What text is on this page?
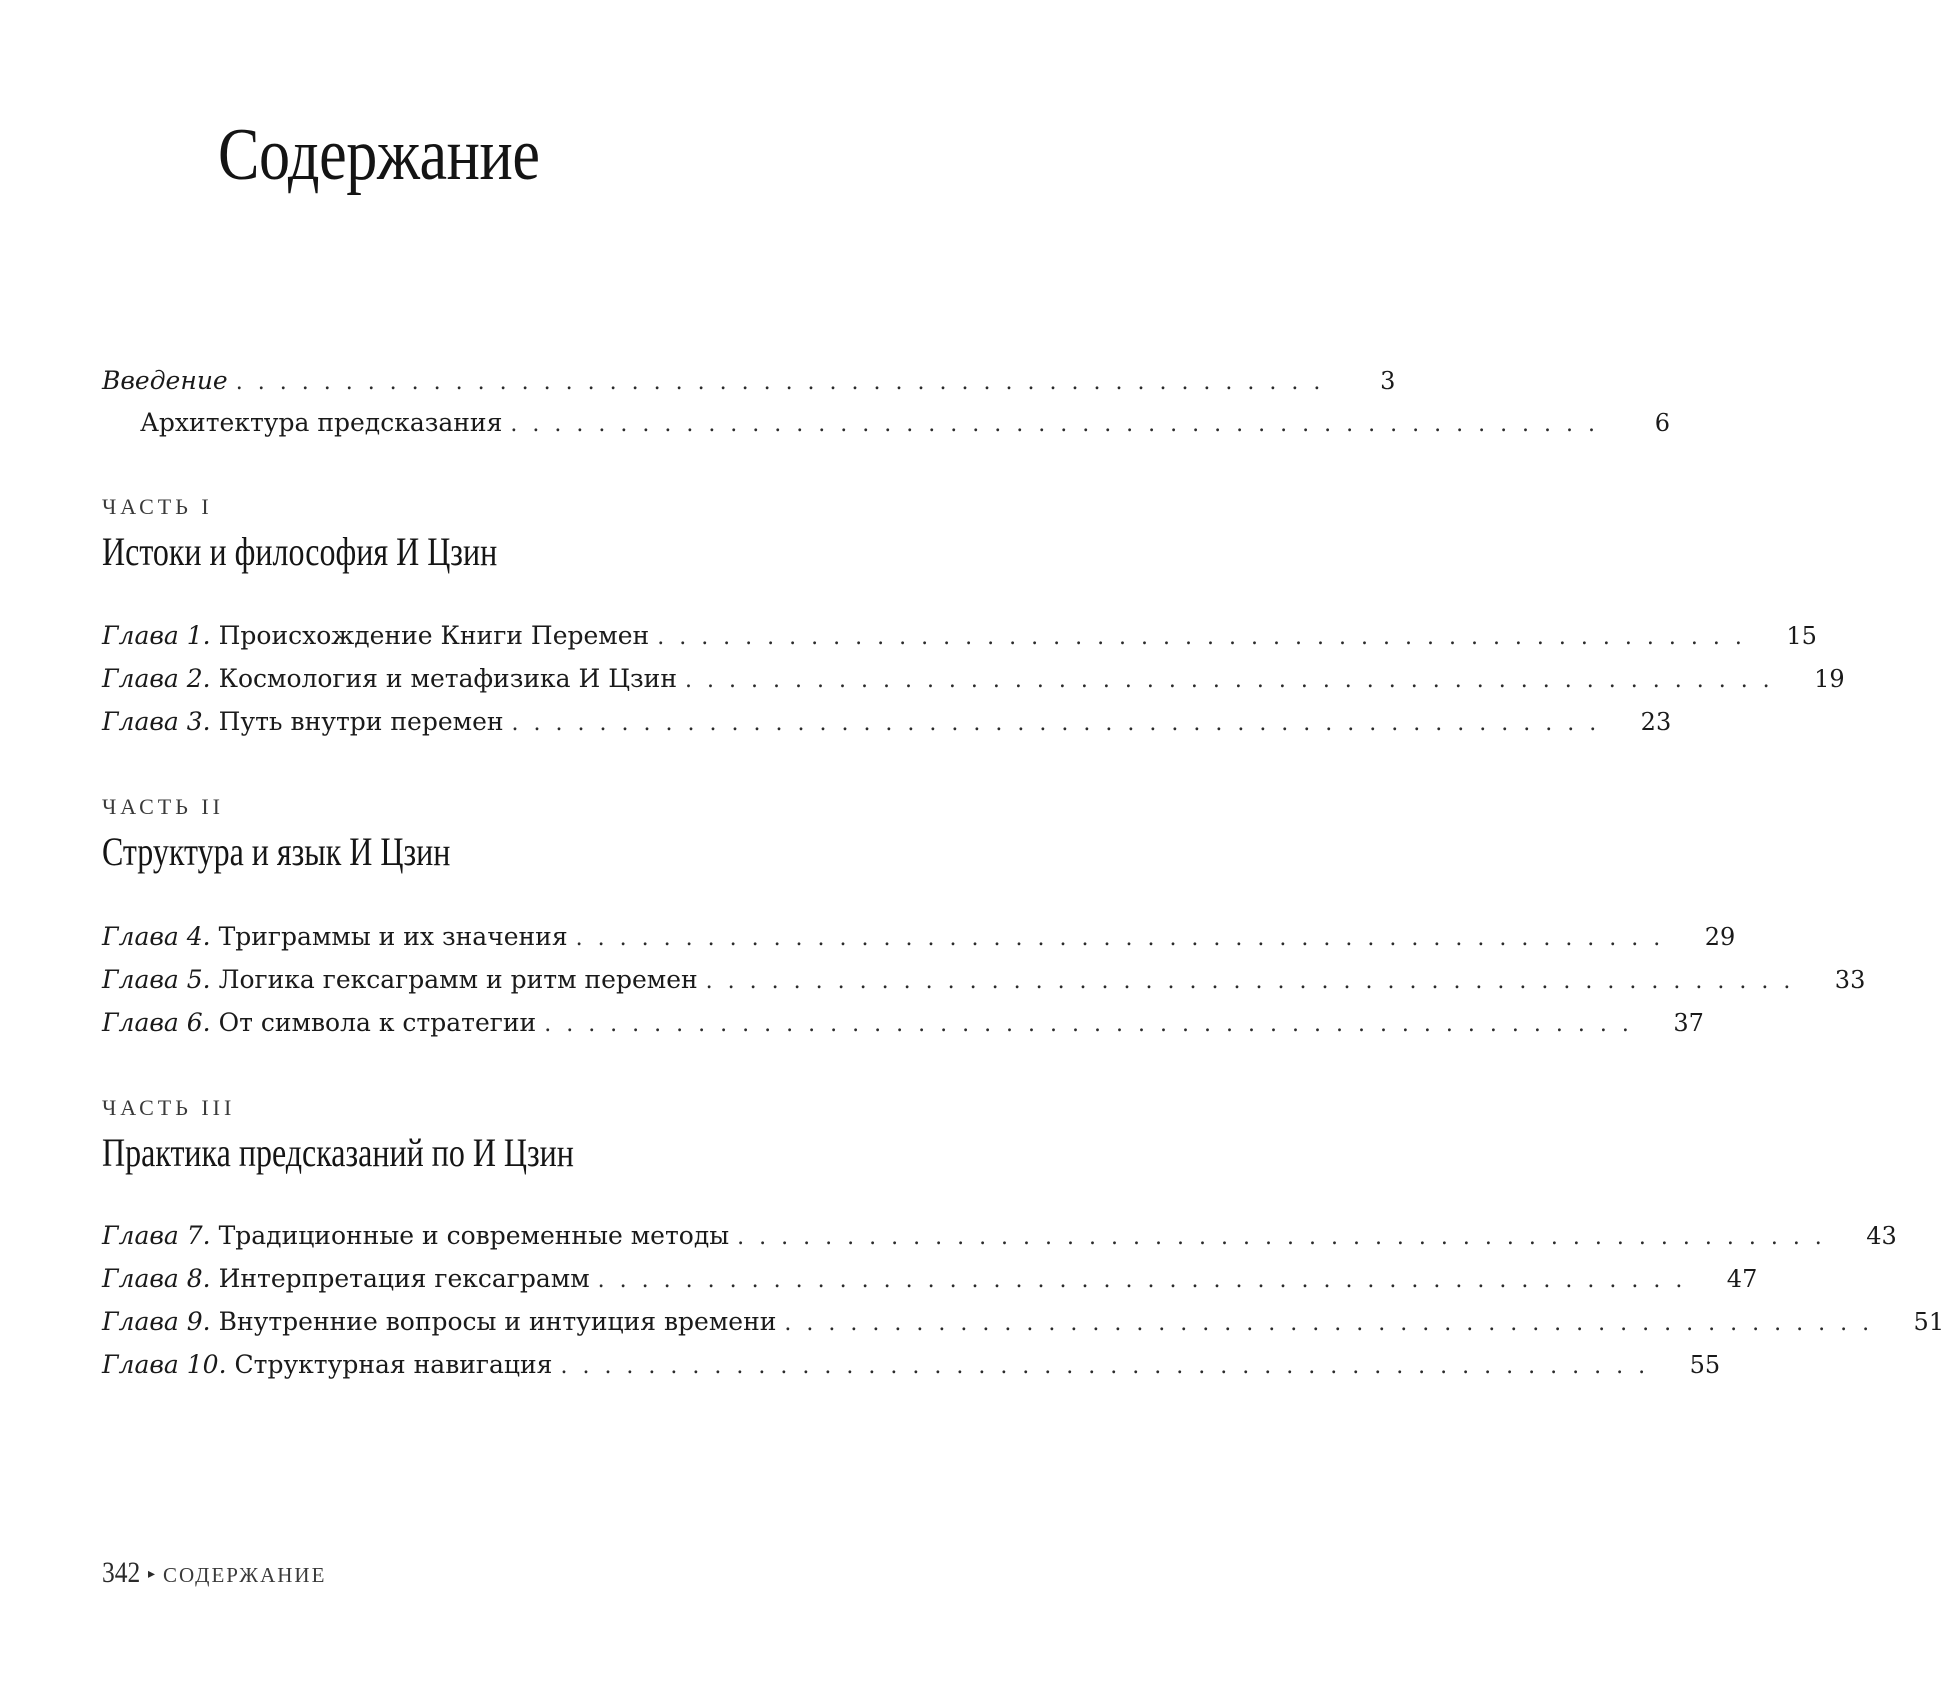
Содержание
Введение ..................................................	3
Архитектура предсказания ..................................................	6
ЧАСТЬ I
Истоки и философия И Цзин
Глава 1. Происхождение Книги Перемен ..................................................	15
Глава 2. Космология и метафизика И Цзин ..................................................	19
Глава 3. Путь внутри перемен ..................................................	23
ЧАСТЬ II
Структура и язык И Цзин
Глава 4. Триграммы и их значения ..................................................	29
Глава 5. Логика гексаграмм и ритм перемен ..................................................	33
Глава 6. От символа к стратегии ..................................................	37
ЧАСТЬ III
Практика предсказаний по И Цзин
Глава 7. Традиционные и современные методы ..................................................	43
Глава 8. Интерпретация гексаграмм ..................................................	47
Глава 9. Внутренние вопросы и интуиция времени ..................................................	51
Глава 10. Структурная навигация ..................................................	55
342 ▸ СОДЕРЖАНИЕ
